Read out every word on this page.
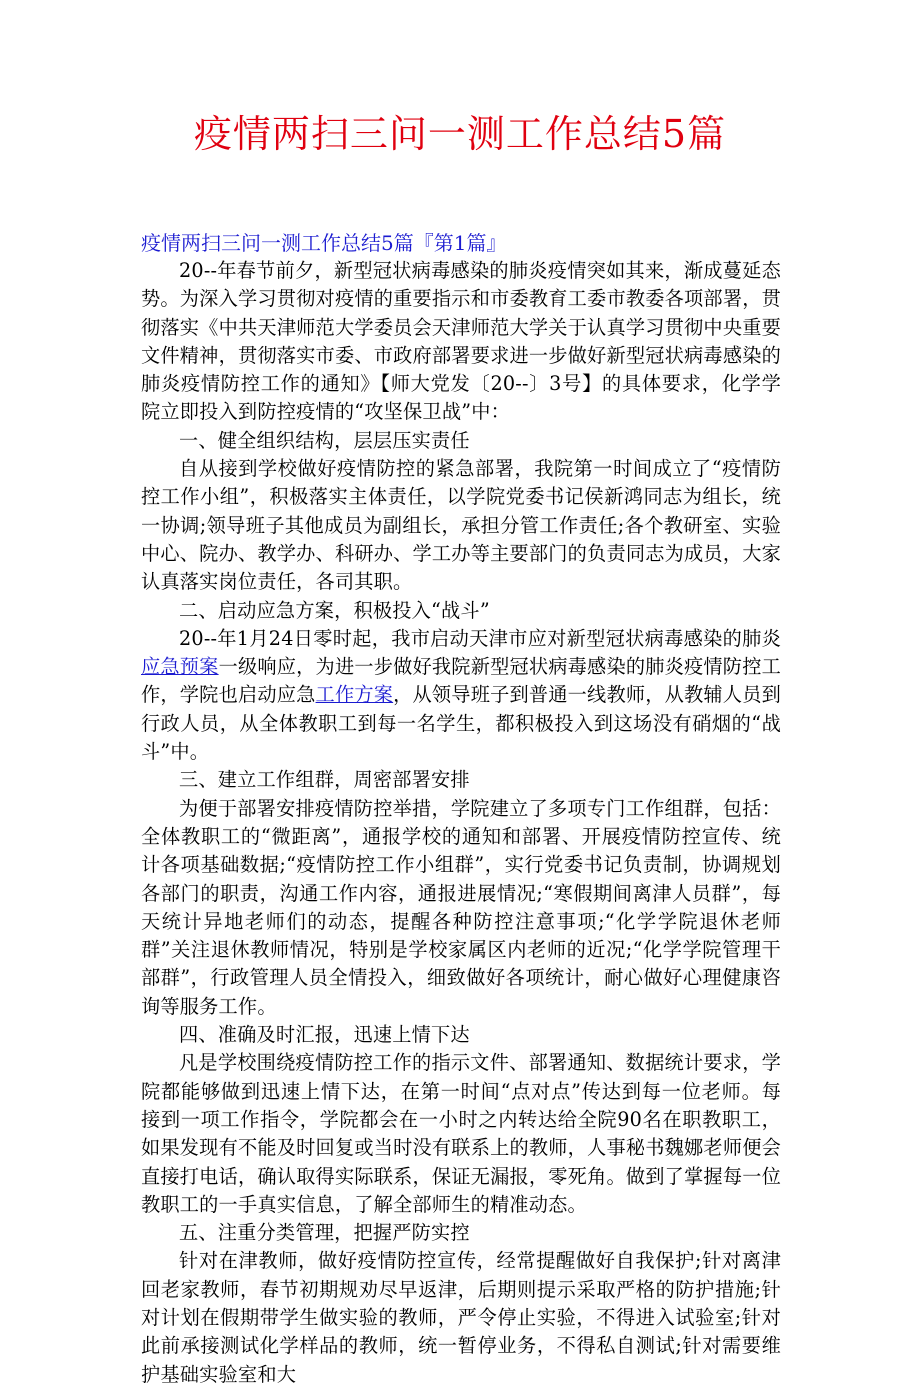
疫情两扫三问一测工作总结5篇
疫情两扫三问一测工作总结5篇『第1篇』

20--年春节前夕，新型冠状病毒感染的肺炎疫情突如其来，渐成蔓延态势。为深入学习贯彻对疫情的重要指示和市委教育工委市教委各项部署，贯彻落实《中共天津师范大学委员会天津师范大学关于认真学习贯彻中央重要文件精神，贯彻落实市委、市政府部署要求进一步做好新型冠状病毒感染的肺炎疫情防控工作的通知》【师大党发〔20--〕3号】的具体要求，化学学院立即投入到防控疫情的“攻坚保卫战”中：

一、健全组织结构，层层压实责任

自从接到学校做好疫情防控的紧急部署，我院第一时间成立了“疫情防控工作小组”，积极落实主体责任，以学院党委书记侯新鸿同志为组长，统一协调;领导班子其他成员为副组长，承担分管工作责任;各个教研室、实验中心、院办、教学办、科研办、学工办等主要部门的负责同志为成员，大家认真落实岗位责任，各司其职。

二、启动应急方案，积极投入“战斗”

20--年1月24日零时起，我市启动天津市应对新型冠状病毒感染的肺炎应急预案一级响应，为进一步做好我院新型冠状病毒感染的肺炎疫情防控工作，学院也启动应急工作方案，从领导班子到普通一线教师，从教辅人员到行政人员，从全体教职工到每一名学生，都积极投入到这场没有硝烟的“战斗”中。

三、建立工作组群，周密部署安排

为便于部署安排疫情防控举措，学院建立了多项专门工作组群，包括：全体教职工的“微距离”，通报学校的通知和部署、开展疫情防控宣传、统计各项基础数据;“疫情防控工作小组群”，实行党委书记负责制，协调规划各部门的职责，沟通工作内容，通报进展情况;“寒假期间离津人员群”，每天统计异地老师们的动态，提醒各种防控注意事项;“化学学院退休老师群”关注退休教师情况，特别是学校家属区内老师的近况;“化学学院管理干部群”，行政管理人员全情投入，细致做好各项统计，耐心做好心理健康咨询等服务工作。

四、准确及时汇报，迅速上情下达

凡是学校围绕疫情防控工作的指示文件、部署通知、数据统计要求，学院都能够做到迅速上情下达，在第一时间“点对点”传达到每一位老师。每接到一项工作指令，学院都会在一小时之内转达给全院90名在职教职工，如果发现有不能及时回复或当时没有联系上的教师，人事秘书魏娜老师便会直接打电话，确认取得实际联系，保证无漏报，零死角。做到了掌握每一位教职工的一手真实信息，了解全部师生的精准动态。

五、注重分类管理，把握严防实控

针对在津教师，做好疫情防控宣传，经常提醒做好自我保护;针对离津回老家教师，春节初期规劝尽早返津，后期则提示采取严格的防护措施;针对计划在假期带学生做实验的教师，严令停止实验，不得进入试验室;针对此前承接测试化学样品的教师，统一暂停业务，不得私自测试;针对需要维护基础实验室和大
